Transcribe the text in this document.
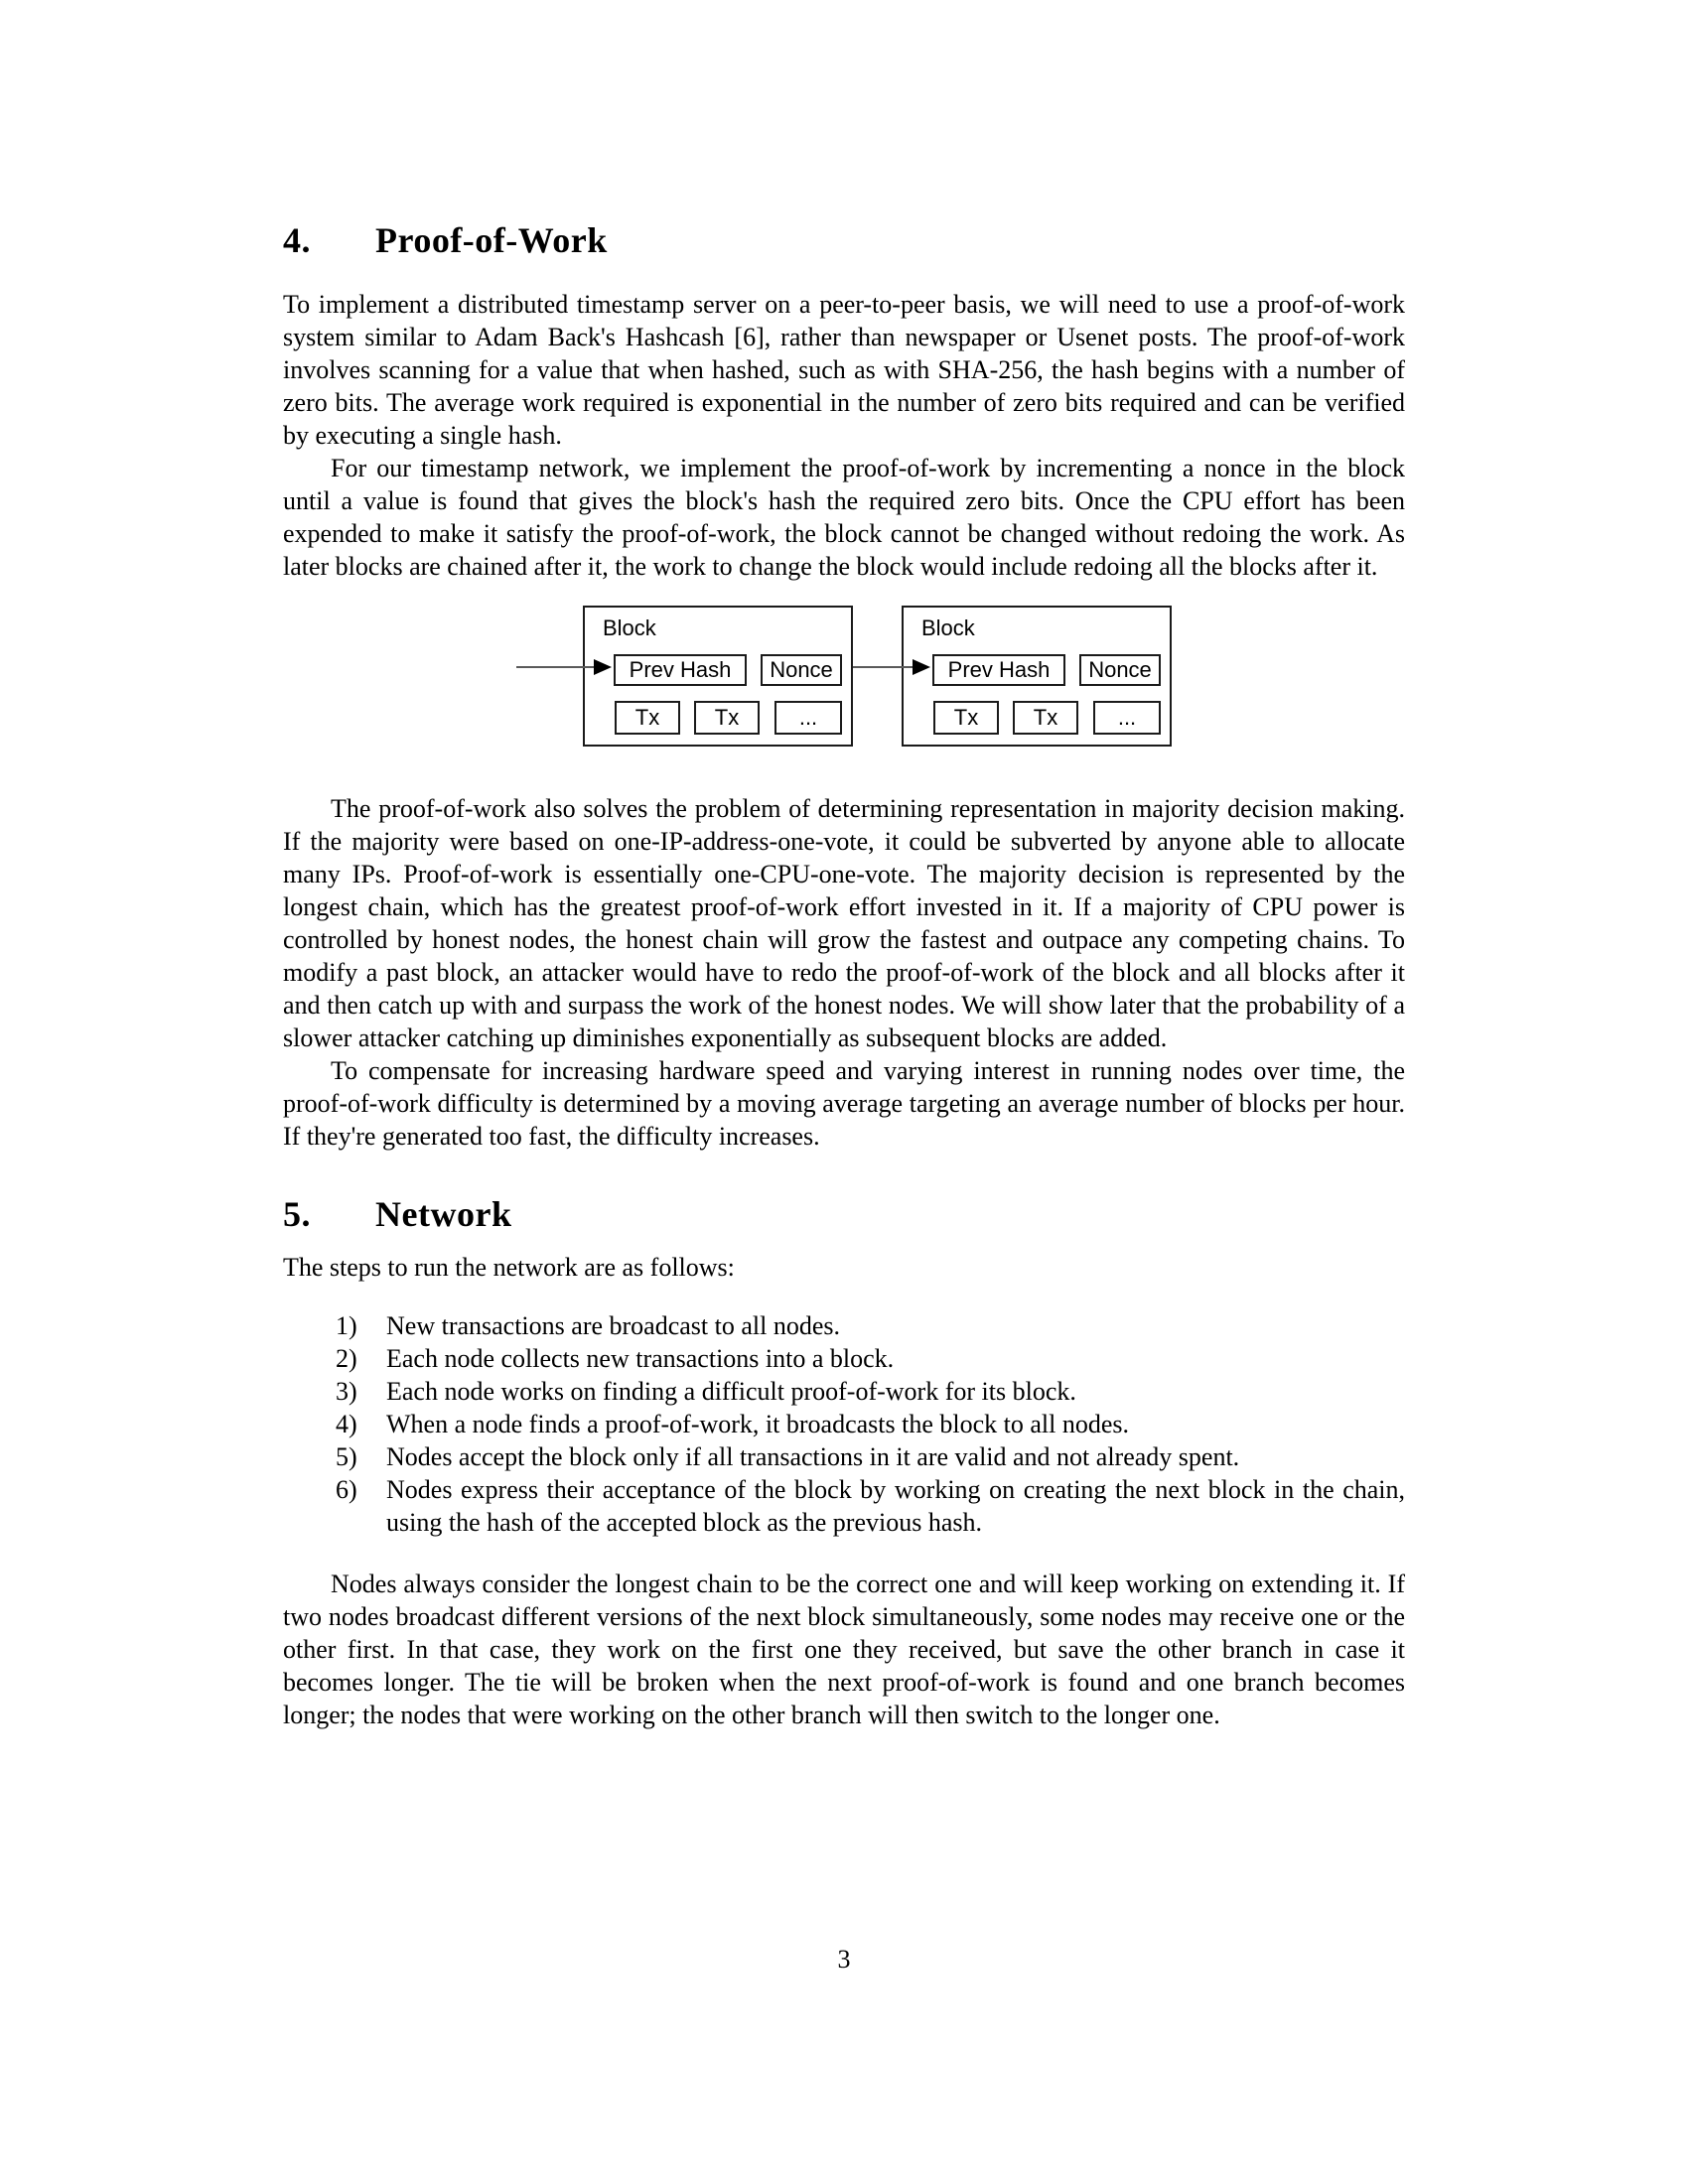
4. Proof-of-Work

To implement a distributed timestamp server on a peer-to-peer basis, we will need to use a proof-of-work system similar to Adam Back's Hashcash [6], rather than newspaper or Usenet posts. The proof-of-work involves scanning for a value that when hashed, such as with SHA-256, the hash begins with a number of zero bits. The average work required is exponential in the number of zero bits required and can be verified by executing a single hash.

For our timestamp network, we implement the proof-of-work by incrementing a nonce in the block until a value is found that gives the block's hash the required zero bits. Once the CPU effort has been expended to make it satisfy the proof-of-work, the block cannot be changed without redoing the work. As later blocks are chained after it, the work to change the block would include redoing all the blocks after it.

Block
Prev Hash	Nonce
Tx	Tx	...
Block
Prev Hash	Nonce
Tx	Tx	...

The proof-of-work also solves the problem of determining representation in majority decision making. If the majority were based on one-IP-address-one-vote, it could be subverted by anyone able to allocate many IPs. Proof-of-work is essentially one-CPU-one-vote. The majority decision is represented by the longest chain, which has the greatest proof-of-work effort invested in it. If a majority of CPU power is controlled by honest nodes, the honest chain will grow the fastest and outpace any competing chains. To modify a past block, an attacker would have to redo the proof-of-work of the block and all blocks after it and then catch up with and surpass the work of the honest nodes. We will show later that the probability of a slower attacker catching up diminishes exponentially as subsequent blocks are added.

To compensate for increasing hardware speed and varying interest in running nodes over time, the proof-of-work difficulty is determined by a moving average targeting an average number of blocks per hour. If they're generated too fast, the difficulty increases.

5. Network

The steps to run the network are as follows:

1)	New transactions are broadcast to all nodes.
2)	Each node collects new transactions into a block.
3)	Each node works on finding a difficult proof-of-work for its block.
4)	When a node finds a proof-of-work, it broadcasts the block to all nodes.
5)	Nodes accept the block only if all transactions in it are valid and not already spent.
6)	Nodes express their acceptance of the block by working on creating the next block in the chain, using the hash of the accepted block as the previous hash.

Nodes always consider the longest chain to be the correct one and will keep working on extending it. If two nodes broadcast different versions of the next block simultaneously, some nodes may receive one or the other first. In that case, they work on the first one they received, but save the other branch in case it becomes longer. The tie will be broken when the next proof-of-work is found and one branch becomes longer; the nodes that were working on the other branch will then switch to the longer one.

3
